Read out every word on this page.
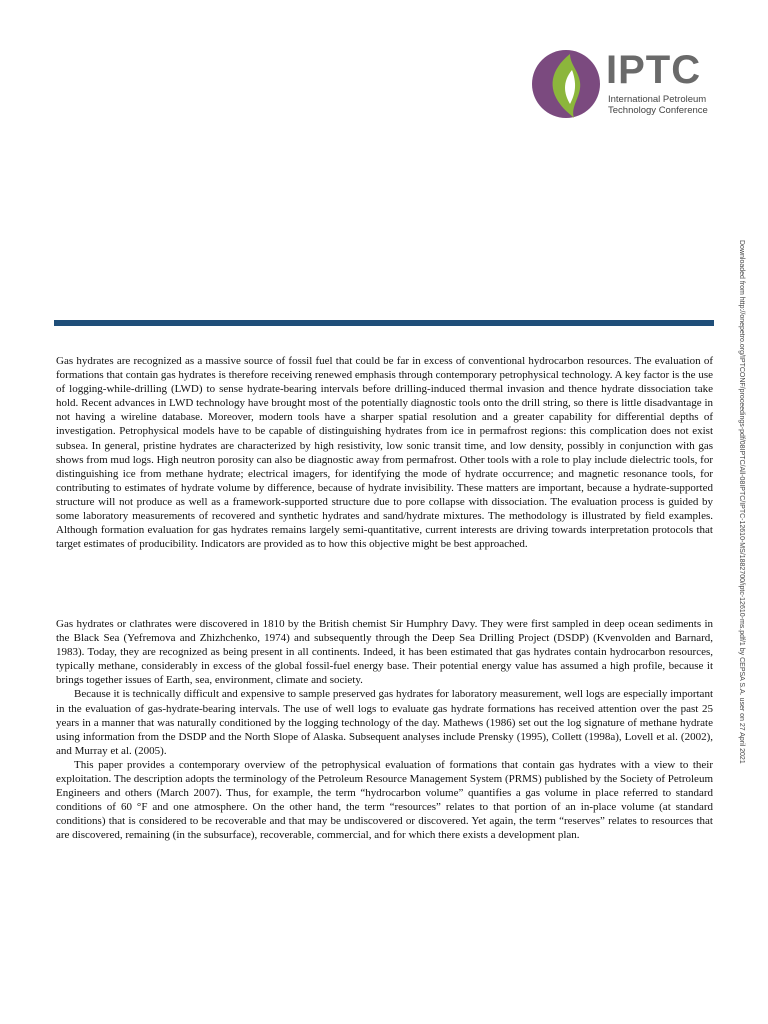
IPTC
International Petroleum
Technology Conference
Downloaded from http://onepetro.org/IPTCONF/proceedings-pdf/08IPTC/All-08IPTC/IPTC-12610-MS/1882700/iptc-12610-ms.pdf/1 by CEPSA S.A. user on 27 April 2021

Gas hydrates are recognized as a massive source of fossil fuel that could be far in excess of conventional hydrocarbon resources. The evaluation of formations that contain gas hydrates is therefore receiving renewed emphasis through contemporary petrophysical technology. A key factor is the use of logging-while-drilling (LWD) to sense hydrate-bearing intervals before drilling-induced thermal invasion and thence hydrate dissociation take hold. Recent advances in LWD technology have brought most of the potentially diagnostic tools onto the drill string, so there is little disadvantage in not having a wireline database. Moreover, modern tools have a sharper spatial resolution and a greater capability for differential depths of investigation. Petrophysical models have to be capable of distinguishing hydrates from ice in permafrost regions: this complication does not exist subsea. In general, pristine hydrates are characterized by high resistivity, low sonic transit time, and low density, possibly in conjunction with gas shows from mud logs. High neutron porosity can also be diagnostic away from permafrost. Other tools with a role to play include dielectric tools, for distinguishing ice from methane hydrate; electrical imagers, for identifying the mode of hydrate occurrence; and magnetic resonance tools, for contributing to estimates of hydrate volume by difference, because of hydrate invisibility. These matters are important, because a hydrate-supported structure will not produce as well as a framework-supported structure due to pore collapse with dissociation. The evaluation process is guided by some laboratory measurements of recovered and synthetic hydrates and sand/hydrate mixtures. The methodology is illustrated by field examples. Although formation evaluation for gas hydrates remains largely semi-quantitative, current interests are driving towards interpretation protocols that target estimates of producibility. Indicators are provided as to how this objective might be best approached.

Gas hydrates or clathrates were discovered in 1810 by the British chemist Sir Humphry Davy. They were first sampled in deep ocean sediments in the Black Sea (Yefremova and Zhizhchenko, 1974) and subsequently through the Deep Sea Drilling Project (DSDP) (Kvenvolden and Barnard, 1983). Today, they are recognized as being present in all continents. Indeed, it has been estimated that gas hydrates contain hydrocarbon resources, typically methane, considerably in excess of the global fossil-fuel energy base. Their potential energy value has assumed a high profile, because it brings together issues of Earth, sea, environment, climate and society.

Because it is technically difficult and expensive to sample preserved gas hydrates for laboratory measurement, well logs are especially important in the evaluation of gas-hydrate-bearing intervals. The use of well logs to evaluate gas hydrate formations has received attention over the past 25 years in a manner that was naturally conditioned by the logging technology of the day. Mathews (1986) set out the log signature of methane hydrate using information from the DSDP and the North Slope of Alaska. Subsequent analyses include Prensky (1995), Collett (1998a), Lovell et al. (2002), and Murray et al. (2005).

This paper provides a contemporary overview of the petrophysical evaluation of formations that contain gas hydrates with a view to their exploitation. The description adopts the terminology of the Petroleum Resource Management System (PRMS) published by the Society of Petroleum Engineers and others (March 2007). Thus, for example, the term “hydrocarbon volume” quantifies a gas volume in place referred to standard conditions of 60 °F and one atmosphere. On the other hand, the term “resources” relates to that portion of an in-place volume (at standard conditions) that is considered to be recoverable and that may be undiscovered or discovered. Yet again, the term “reserves” relates to resources that are discovered, remaining (in the subsurface), recoverable, commercial, and for which there exists a development plan.
